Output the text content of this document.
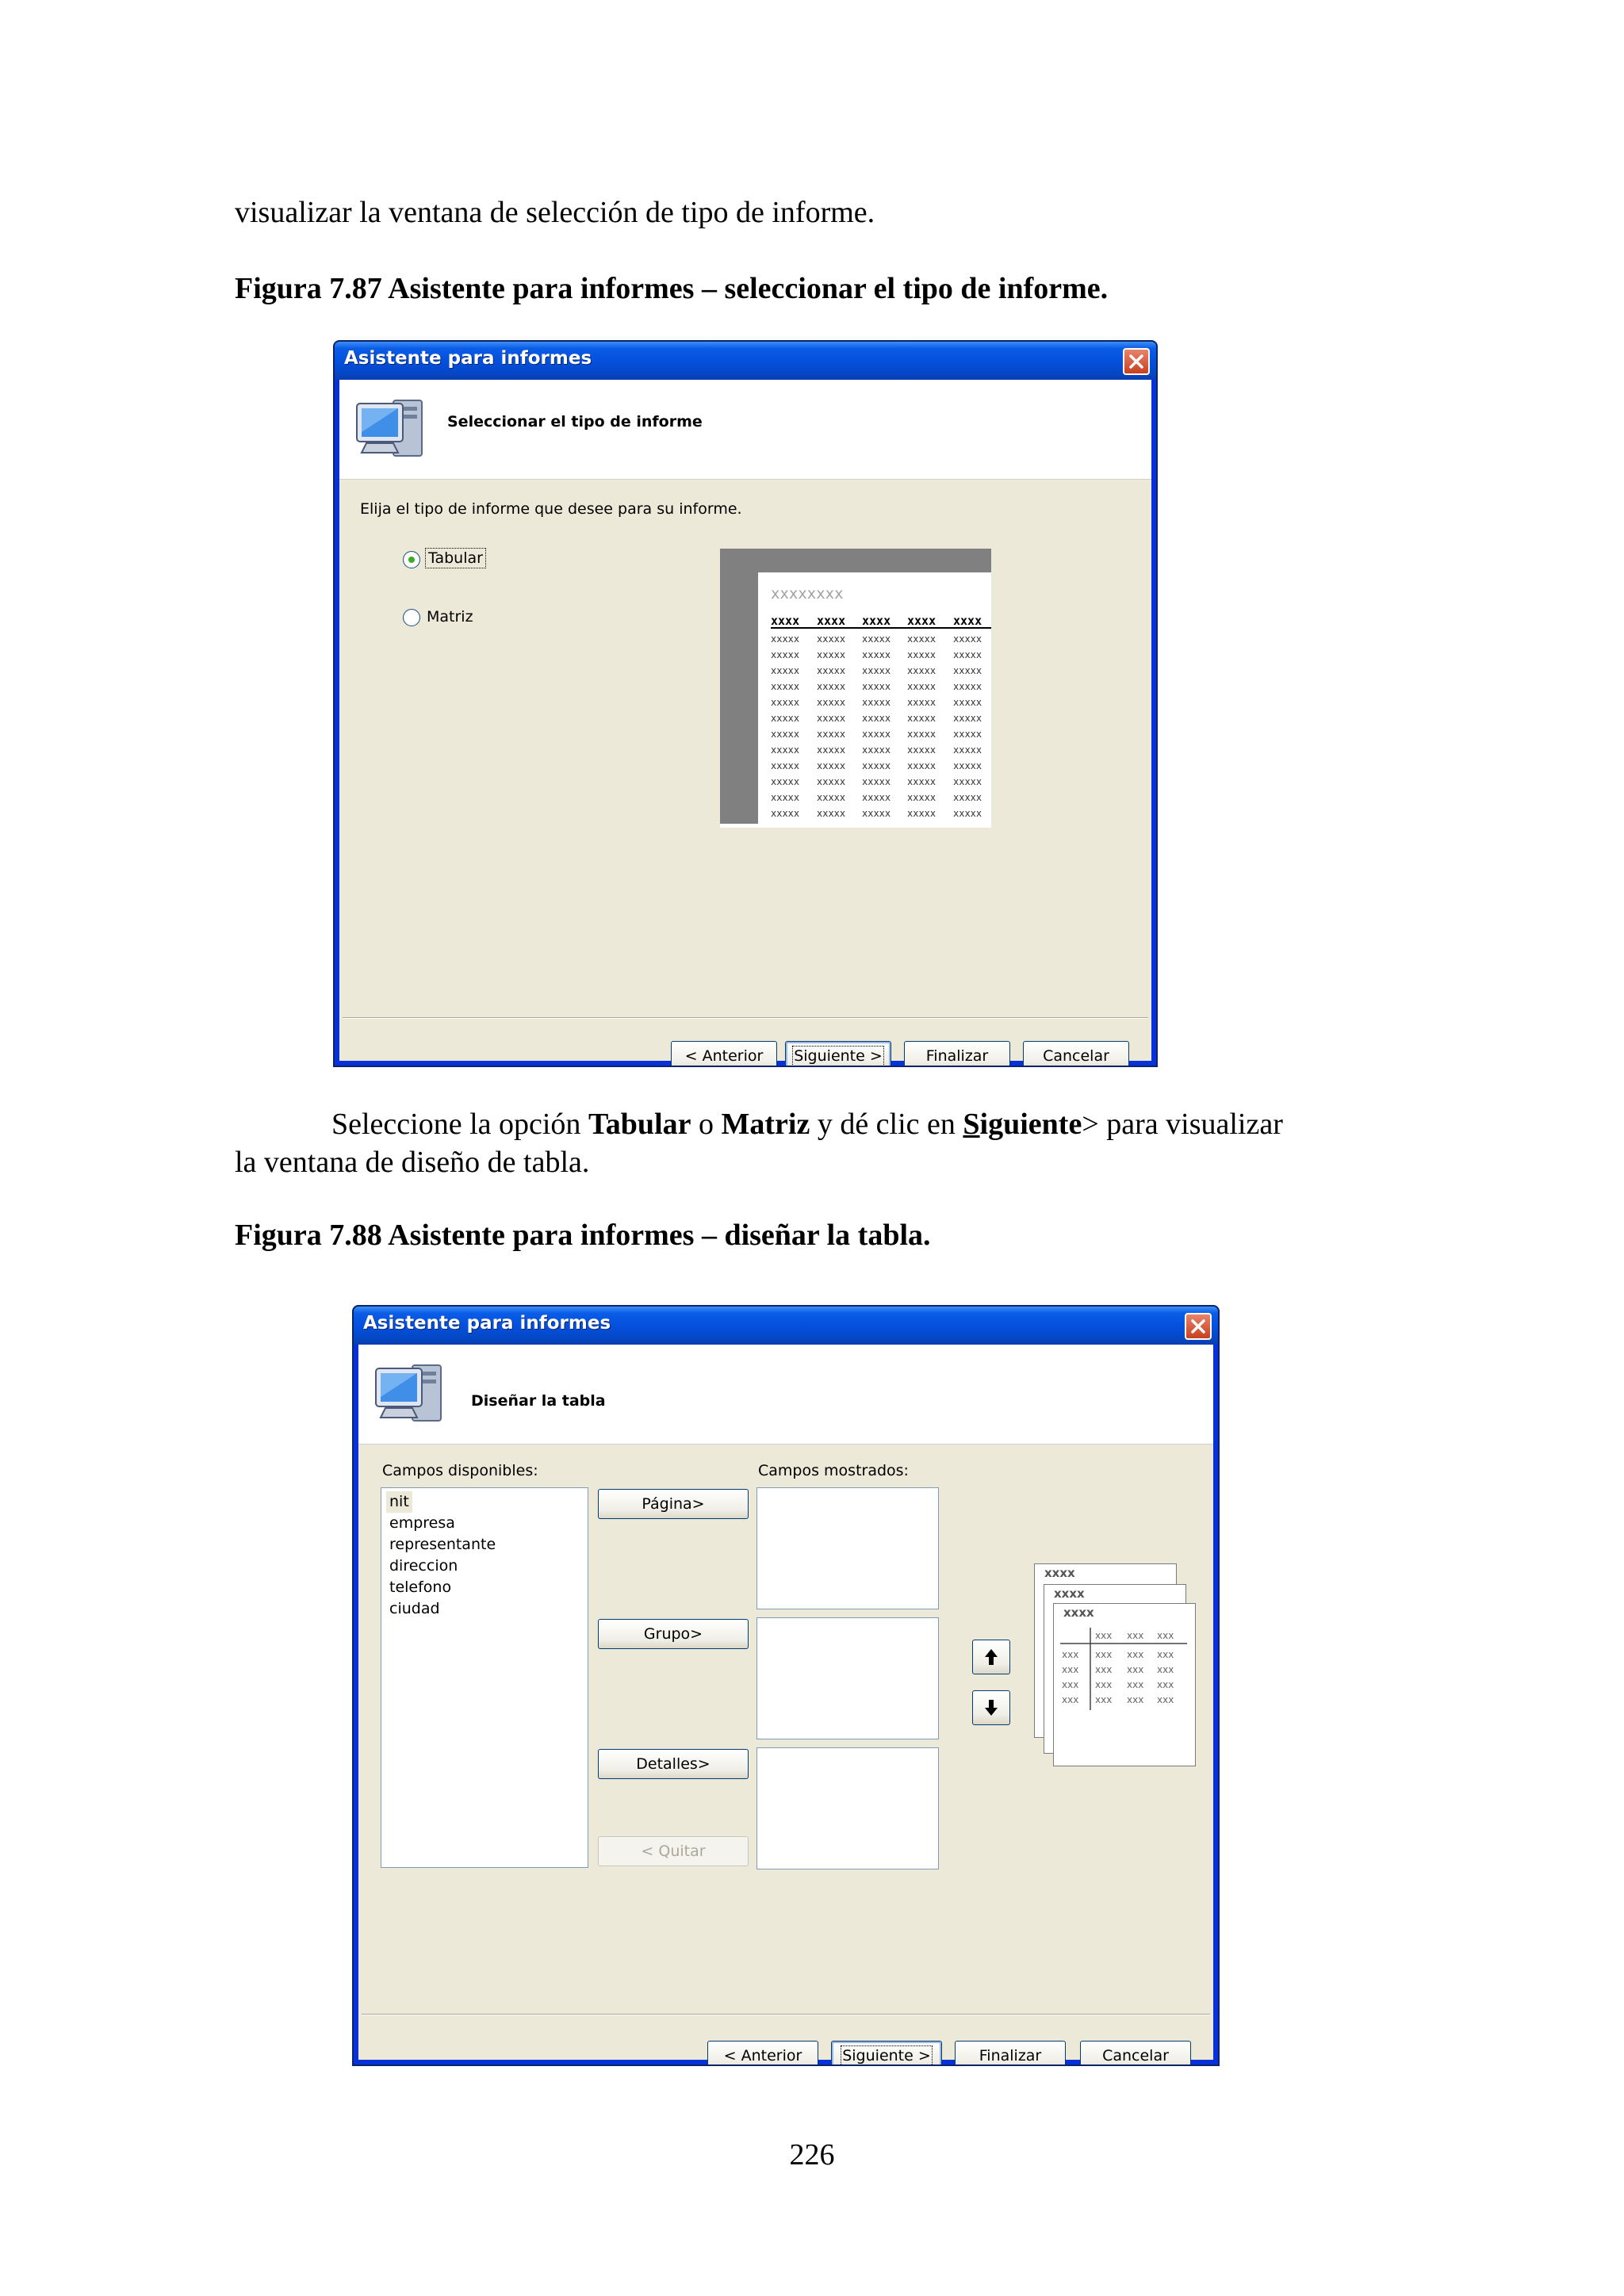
visualizar la ventana de selección de tipo de informe.
Figura 7.87 Asistente para informes – seleccionar el tipo de informe.
Asistente para informes
Seleccionar el tipo de informe
Elija el tipo de informe que desee para su informe.
Tabular
Matriz
xxxxxxxx
xxxx xxxx xxxx xxxx xxxx
xxxxx xxxxx xxxxx xxxxx xxxxx
xxxxx xxxxx xxxxx xxxxx xxxxx
xxxxx xxxxx xxxxx xxxxx xxxxx
xxxxx xxxxx xxxxx xxxxx xxxxx
xxxxx xxxxx xxxxx xxxxx xxxxx
xxxxx xxxxx xxxxx xxxxx xxxxx
xxxxx xxxxx xxxxx xxxxx xxxxx
xxxxx xxxxx xxxxx xxxxx xxxxx
xxxxx xxxxx xxxxx xxxxx xxxxx
xxxxx xxxxx xxxxx xxxxx xxxxx
xxxxx xxxxx xxxxx xxxxx xxxxx
xxxxx xxxxx xxxxx xxxxx xxxxx
< Anterior	Siguiente >	Finalizar	Cancelar
Seleccione la opción Tabular o Matriz y dé clic en Siguiente> para visualizar
la ventana de diseño de tabla.
Figura 7.88 Asistente para informes – diseñar la tabla.
Asistente para informes
Diseñar la tabla
Campos disponibles:	Campos mostrados:
nit
empresa
representante
direccion
telefono
ciudad
Página>
Grupo>
Detalles>
< Quitar
xxxx
xxxx
xxxx
xxx xxx xxx
xxx xxx xxx xxx
xxx xxx xxx xxx
xxx xxx xxx xxx
xxx xxx xxx xxx
< Anterior	Siguiente >	Finalizar	Cancelar
226
